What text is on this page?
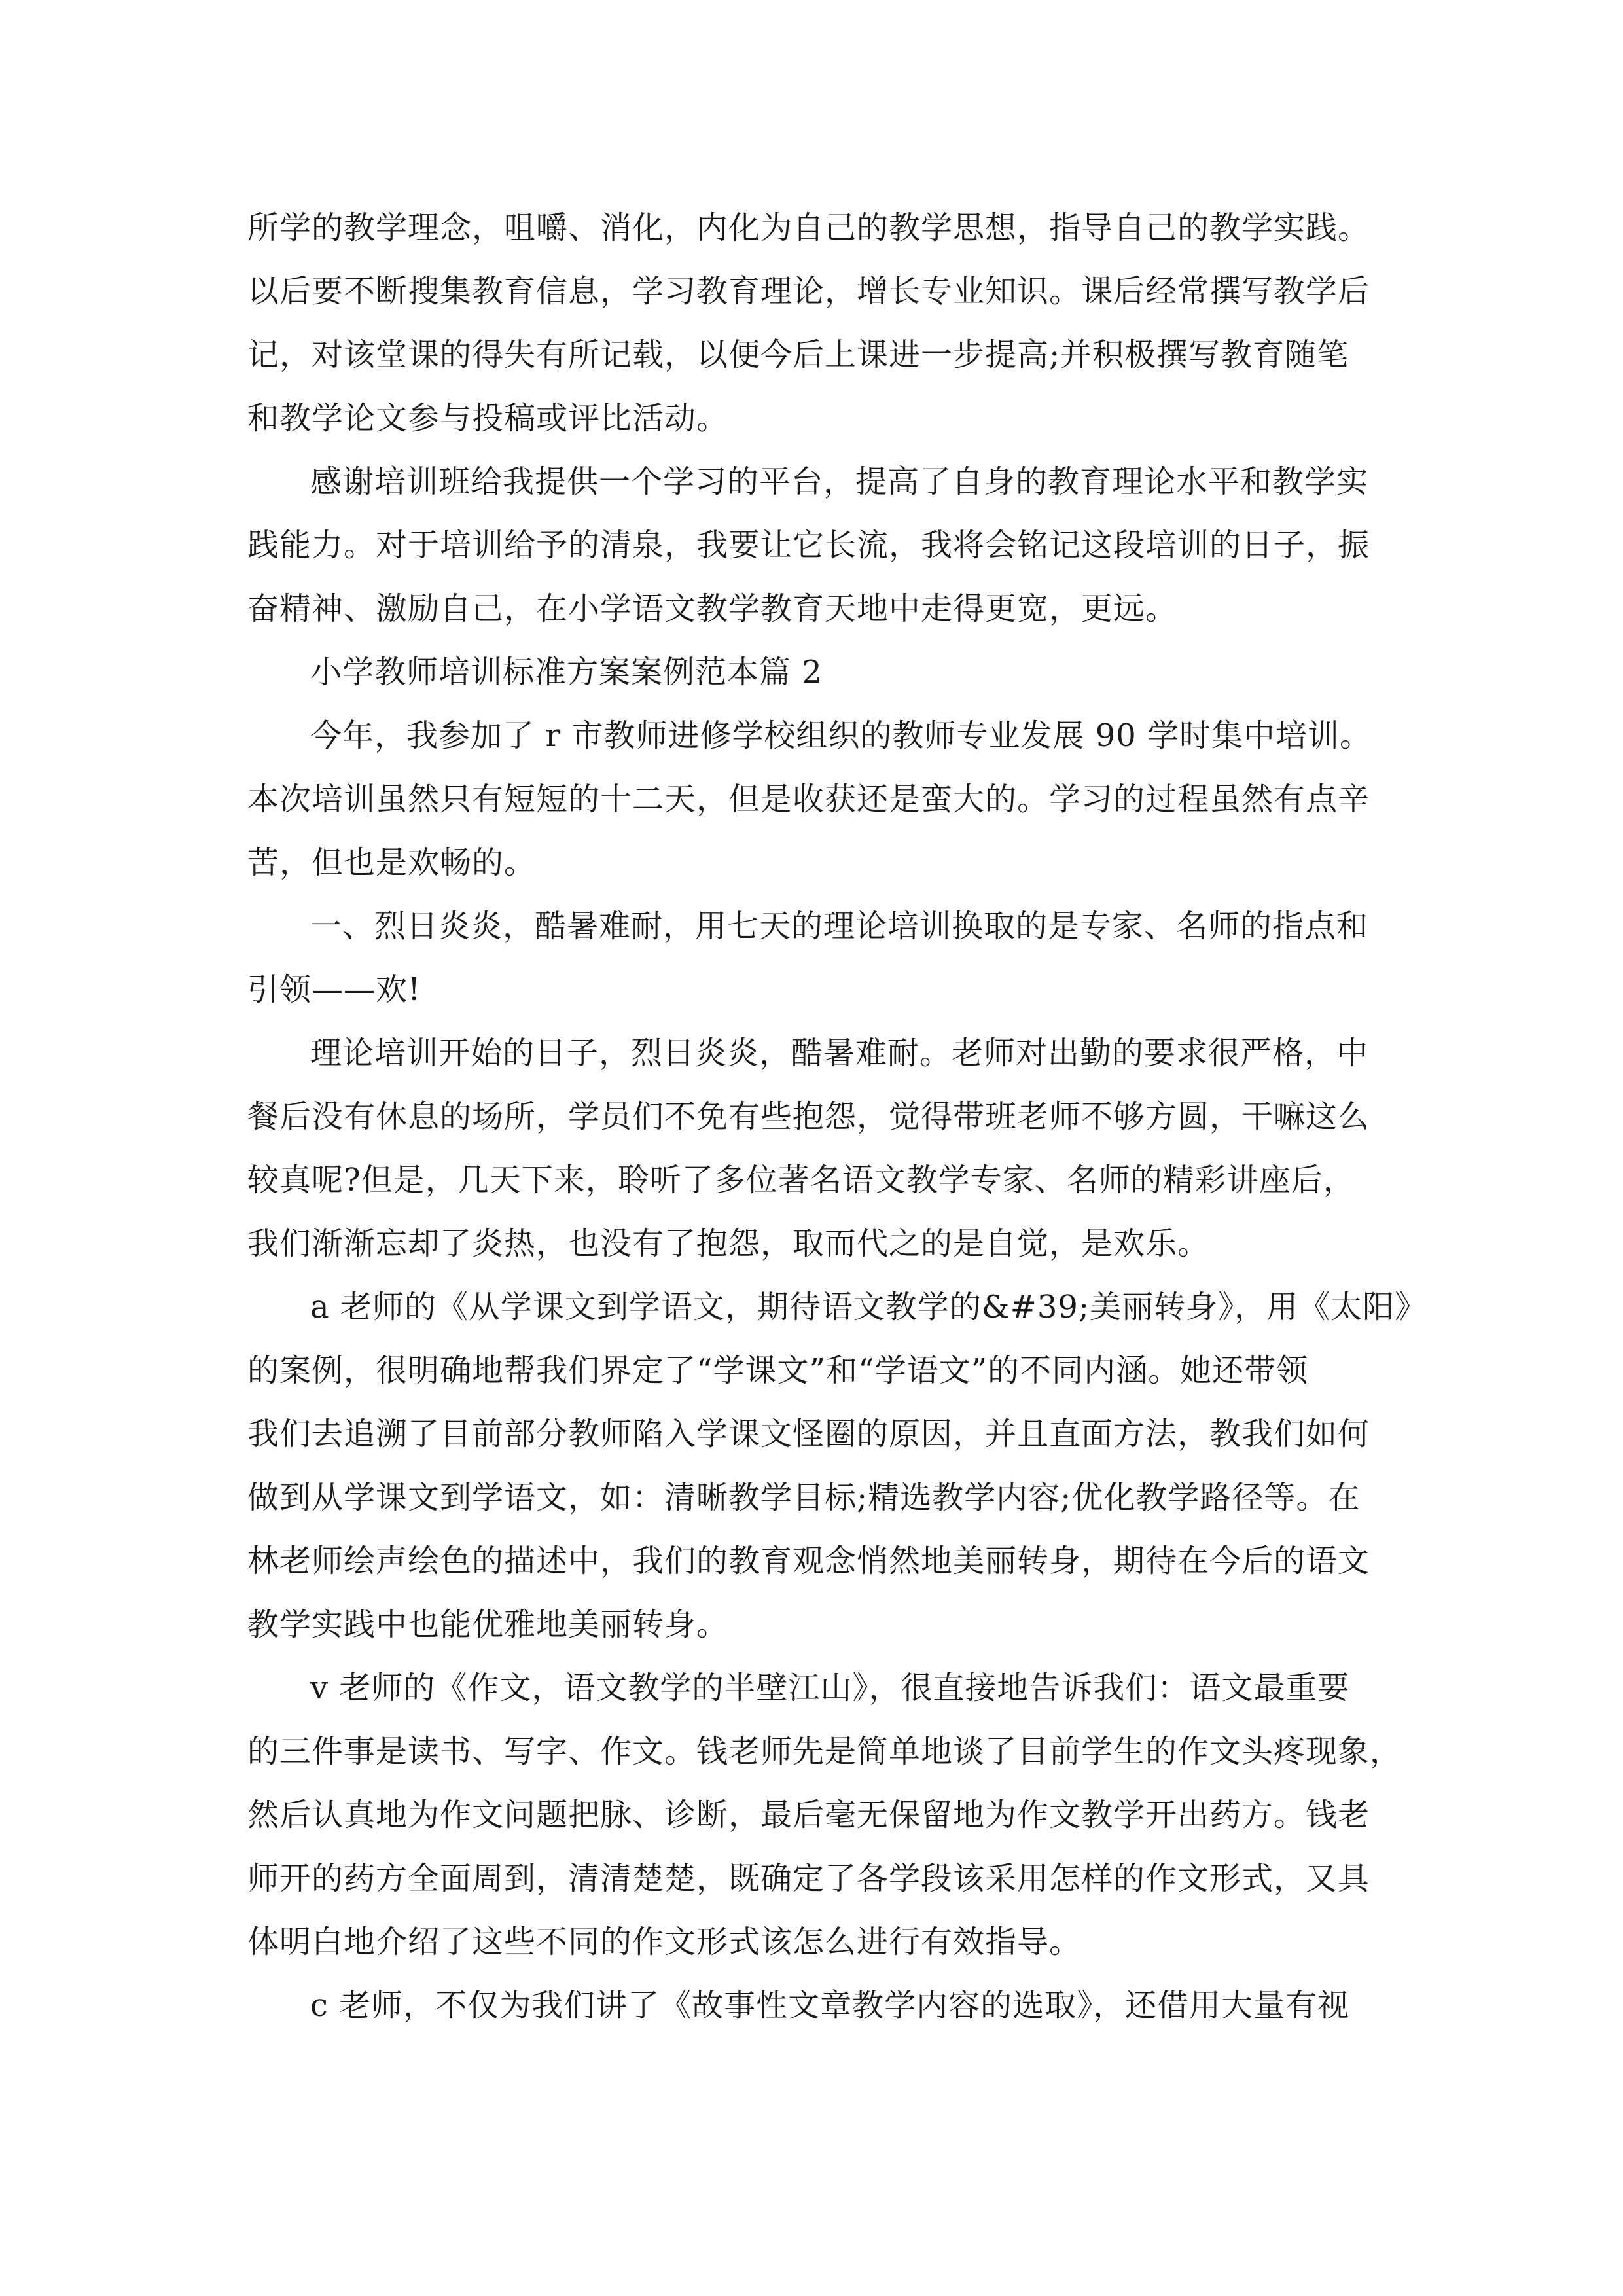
所学的教学理念，咀嚼、消化，内化为自己的教学思想，指导自己的教学实践。
以后要不断搜集教育信息，学习教育理论，增长专业知识。课后经常撰写教学后
记，对该堂课的得失有所记载，以便今后上课进一步提高;并积极撰写教育随笔
和教学论文参与投稿或评比活动。
感谢培训班给我提供一个学习的平台，提高了自身的教育理论水平和教学实
践能力。对于培训给予的清泉，我要让它长流，我将会铭记这段培训的日子，振
奋精神、激励自己，在小学语文教学教育天地中走得更宽，更远。
小学教师培训标准方案案例范本篇 2
今年，我参加了 r 市教师进修学校组织的教师专业发展 90 学时集中培训。
本次培训虽然只有短短的十二天，但是收获还是蛮大的。学习的过程虽然有点辛
苦，但也是欢畅的。
一、烈日炎炎，酷暑难耐，用七天的理论培训换取的是专家、名师的指点和
引领——欢!
理论培训开始的日子，烈日炎炎，酷暑难耐。老师对出勤的要求很严格，中
餐后没有休息的场所，学员们不免有些抱怨，觉得带班老师不够方圆，干嘛这么
较真呢?但是，几天下来，聆听了多位著名语文教学专家、名师的精彩讲座后，
我们渐渐忘却了炎热，也没有了抱怨，取而代之的是自觉，是欢乐。
a 老师的《从学课文到学语文，期待语文教学的&#39;美丽转身》，用《太阳》
的案例，很明确地帮我们界定了“学课文”和“学语文”的不同内涵。她还带领
我们去追溯了目前部分教师陷入学课文怪圈的原因，并且直面方法，教我们如何
做到从学课文到学语文，如：清晰教学目标;精选教学内容;优化教学路径等。在
林老师绘声绘色的描述中，我们的教育观念悄然地美丽转身，期待在今后的语文
教学实践中也能优雅地美丽转身。
v 老师的《作文，语文教学的半壁江山》，很直接地告诉我们：语文最重要
的三件事是读书、写字、作文。钱老师先是简单地谈了目前学生的作文头疼现象，
然后认真地为作文问题把脉、诊断，最后毫无保留地为作文教学开出药方。钱老
师开的药方全面周到，清清楚楚，既确定了各学段该采用怎样的作文形式，又具
体明白地介绍了这些不同的作文形式该怎么进行有效指导。
c 老师，不仅为我们讲了《故事性文章教学内容的选取》，还借用大量有视
